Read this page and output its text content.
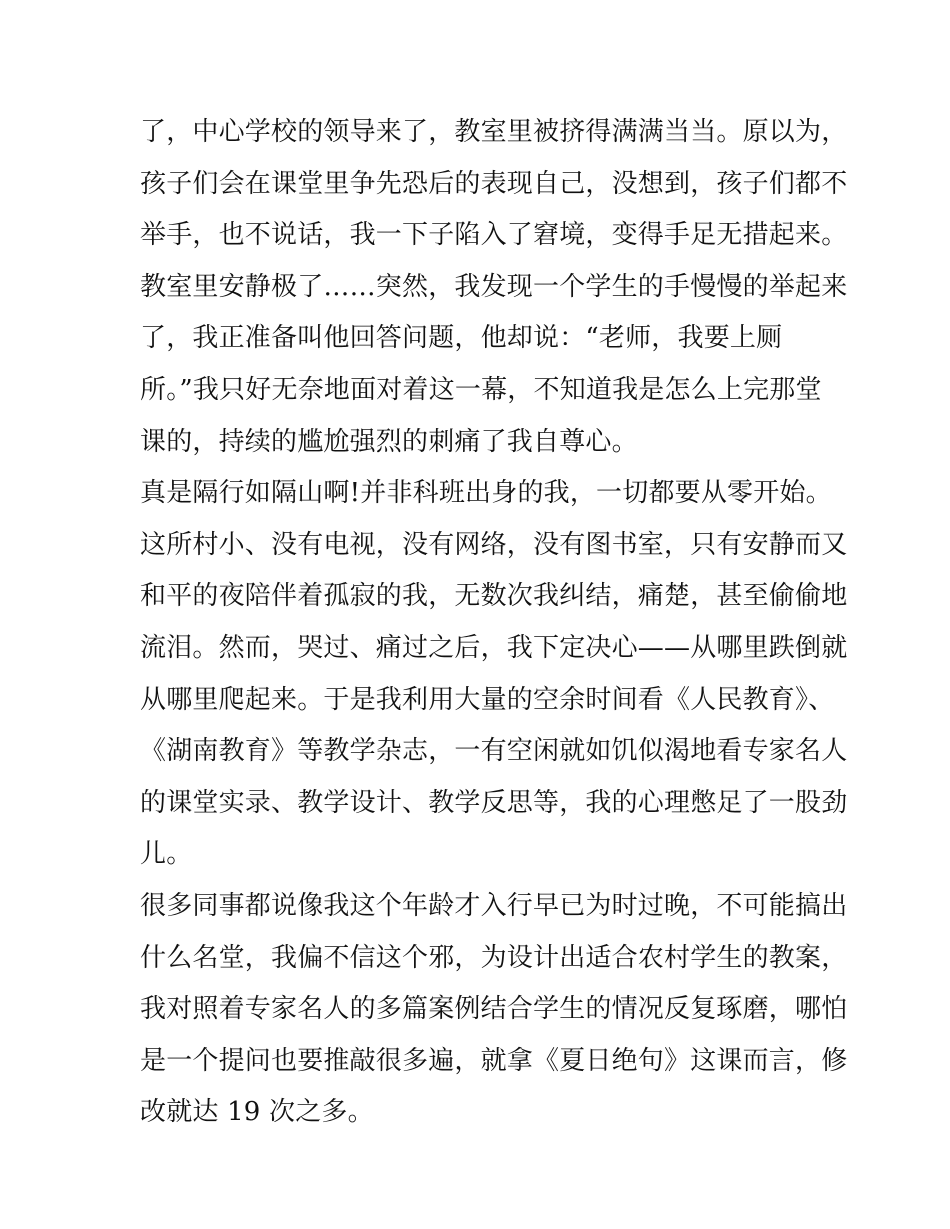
了，中心学校的领导来了，教室里被挤得满满当当。原以为，
孩子们会在课堂里争先恐后的表现自己，没想到，孩子们都不
举手，也不说话，我一下子陷入了窘境，变得手足无措起来。
教室里安静极了……突然，我发现一个学生的手慢慢的举起来
了，我正准备叫他回答问题，他却说：“老师，我要上厕
所。”我只好无奈地面对着这一幕，不知道我是怎么上完那堂
课的，持续的尴尬强烈的刺痛了我自尊心。
真是隔行如隔山啊!并非科班出身的我，一切都要从零开始。
这所村小、没有电视，没有网络，没有图书室，只有安静而又
和平的夜陪伴着孤寂的我，无数次我纠结，痛楚，甚至偷偷地
流泪。然而，哭过、痛过之后，我下定决心——从哪里跌倒就
从哪里爬起来。于是我利用大量的空余时间看《人民教育》、
《湖南教育》等教学杂志，一有空闲就如饥似渴地看专家名人
的课堂实录、教学设计、教学反思等，我的心理憋足了一股劲
儿。
很多同事都说像我这个年龄才入行早已为时过晚，不可能搞出
什么名堂，我偏不信这个邪，为设计出适合农村学生的教案，
我对照着专家名人的多篇案例结合学生的情况反复琢磨，哪怕
是一个提问也要推敲很多遍，就拿《夏日绝句》这课而言，修
改就达 19 次之多。
